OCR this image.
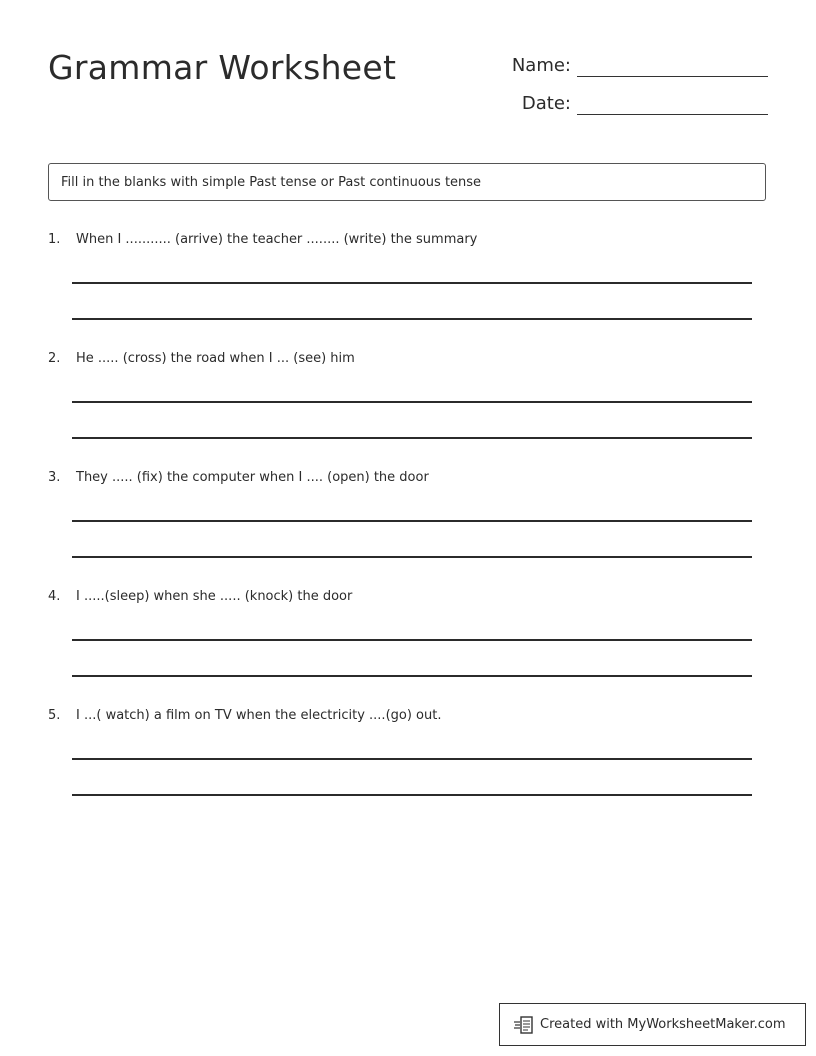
Grammar Worksheet	Name:
Date:
Fill in the blanks with simple Past tense or Past continuous tense
1. When I ........... (arrive) the teacher ........ (write) the summary
2. He ..... (cross) the road when I ... (see) him
3. They ..... (fix) the computer when I .... (open) the door
4. I .....(sleep) when she ..... (knock) the door
5. I ...( watch) a film on TV when the electricity ....(go) out.
Created with MyWorksheetMaker.com
